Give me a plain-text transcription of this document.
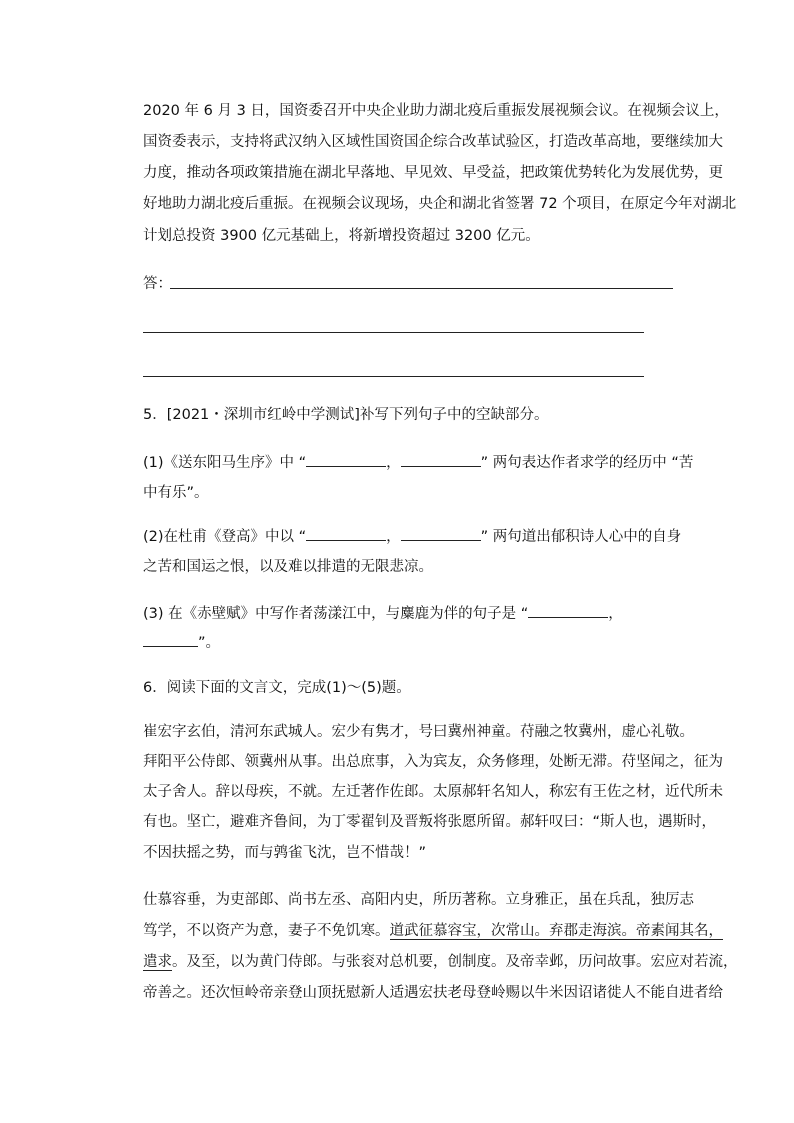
2020 年 6 月 3 日，国资委召开中央企业助力湖北疫后重振发展视频会议。在视频会议上，
国资委表示，支持将武汉纳入区域性国资国企综合改革试验区，打造改革高地，要继续加大
力度，推动各项政策措施在湖北早落地、早见效、早受益，把政策优势转化为发展优势，更
好地助力湖北疫后重振。在视频会议现场，央企和湖北省签署 72 个项目，在原定今年对湖北
计划总投资 3900 亿元基础上，将新增投资超过 3200 亿元。
答：
5．[2021・深圳市红岭中学测试]补写下列句子中的空缺部分。
(1)《送东阳马生序》中 “	，	” 两句表达作者求学的经历中 “苦
中有乐”。
(2)在杜甫《登高》中以 “	，	” 两句道出郁积诗人心中的自身
之苦和国运之恨，以及难以排遣的无限悲凉。
(3) 在《赤壁赋》中写作者荡漾江中，与麋鹿为伴的句子是 “	，
”。
6．阅读下面的文言文，完成(1)～(5)题。
崔宏字玄伯，清河东武城人。宏少有隽才，号曰冀州神童。苻融之牧冀州，虚心礼敬。
拜阳平公侍郎、领冀州从事。出总庶事，入为宾友，众务修理，处断无滞。苻坚闻之，征为
太子舍人。辞以母疾，不就。左迁著作佐郎。太原郝轩名知人，称宏有王佐之材，近代所未
有也。坚亡，避难齐鲁间，为丁零翟钊及晋叛将张愿所留。郝轩叹曰：“斯人也，遇斯时，
不因扶摇之势，而与鹑雀飞沈，岂不惜哉！”
仕慕容垂，为吏部郎、尚书左丞、高阳内史，所历著称。立身雅正，虽在兵乱，独厉志
笃学，不以资产为意，妻子不免饥寒。道武征慕容宝，次常山。弃郡走海滨。帝素闻其名，
遣求。及至，以为黄门侍郎。与张衮对总机要，创制度。及帝幸邺，历问故事。宏应对若流，
帝善之。还次恒岭帝亲登山顶抚慰新人适遇宏扶老母登岭赐以牛米因诏诸徙人不能自进者给
